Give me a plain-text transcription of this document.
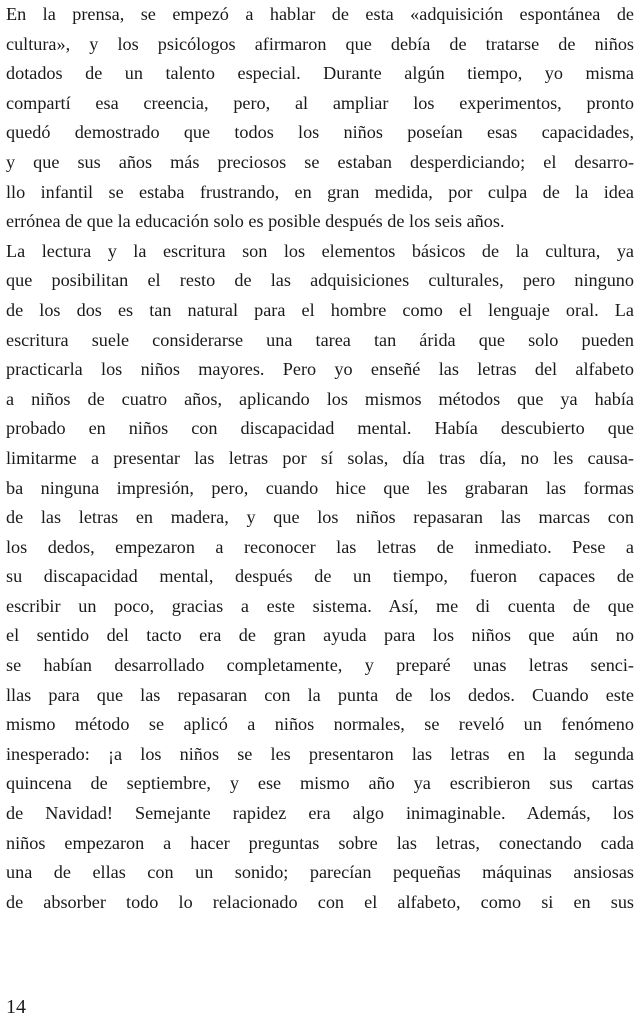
En la prensa, se empezó a hablar de esta «adquisición espontánea de
cultura», y los psicólogos afirmaron que debía de tratarse de niños
dotados de un talento especial. Durante algún tiempo, yo misma
compartí esa creencia, pero, al ampliar los experimentos, pronto
quedó demostrado que todos los niños poseían esas capacidades,
y que sus años más preciosos se estaban desperdiciando; el desarro-
llo infantil se estaba frustrando, en gran medida, por culpa de la idea
errónea de que la educación solo es posible después de los seis años.
La lectura y la escritura son los elementos básicos de la cultura, ya
que posibilitan el resto de las adquisiciones culturales, pero ninguno
de los dos es tan natural para el hombre como el lenguaje oral. La
escritura suele considerarse una tarea tan árida que solo pueden
practicarla los niños mayores. Pero yo enseñé las letras del alfabeto
a niños de cuatro años, aplicando los mismos métodos que ya había
probado en niños con discapacidad mental. Había descubierto que
limitarme a presentar las letras por sí solas, día tras día, no les causa-
ba ninguna impresión, pero, cuando hice que les grabaran las formas
de las letras en madera, y que los niños repasaran las marcas con
los dedos, empezaron a reconocer las letras de inmediato. Pese a
su discapacidad mental, después de un tiempo, fueron capaces de
escribir un poco, gracias a este sistema. Así, me di cuenta de que
el sentido del tacto era de gran ayuda para los niños que aún no
se habían desarrollado completamente, y preparé unas letras senci-
llas para que las repasaran con la punta de los dedos. Cuando este
mismo método se aplicó a niños normales, se reveló un fenómeno
inesperado: ¡a los niños se les presentaron las letras en la segunda
quincena de septiembre, y ese mismo año ya escribieron sus cartas
de Navidad! Semejante rapidez era algo inimaginable. Además, los
niños empezaron a hacer preguntas sobre las letras, conectando cada
una de ellas con un sonido; parecían pequeñas máquinas ansiosas
de absorber todo lo relacionado con el alfabeto, como si en sus
14
